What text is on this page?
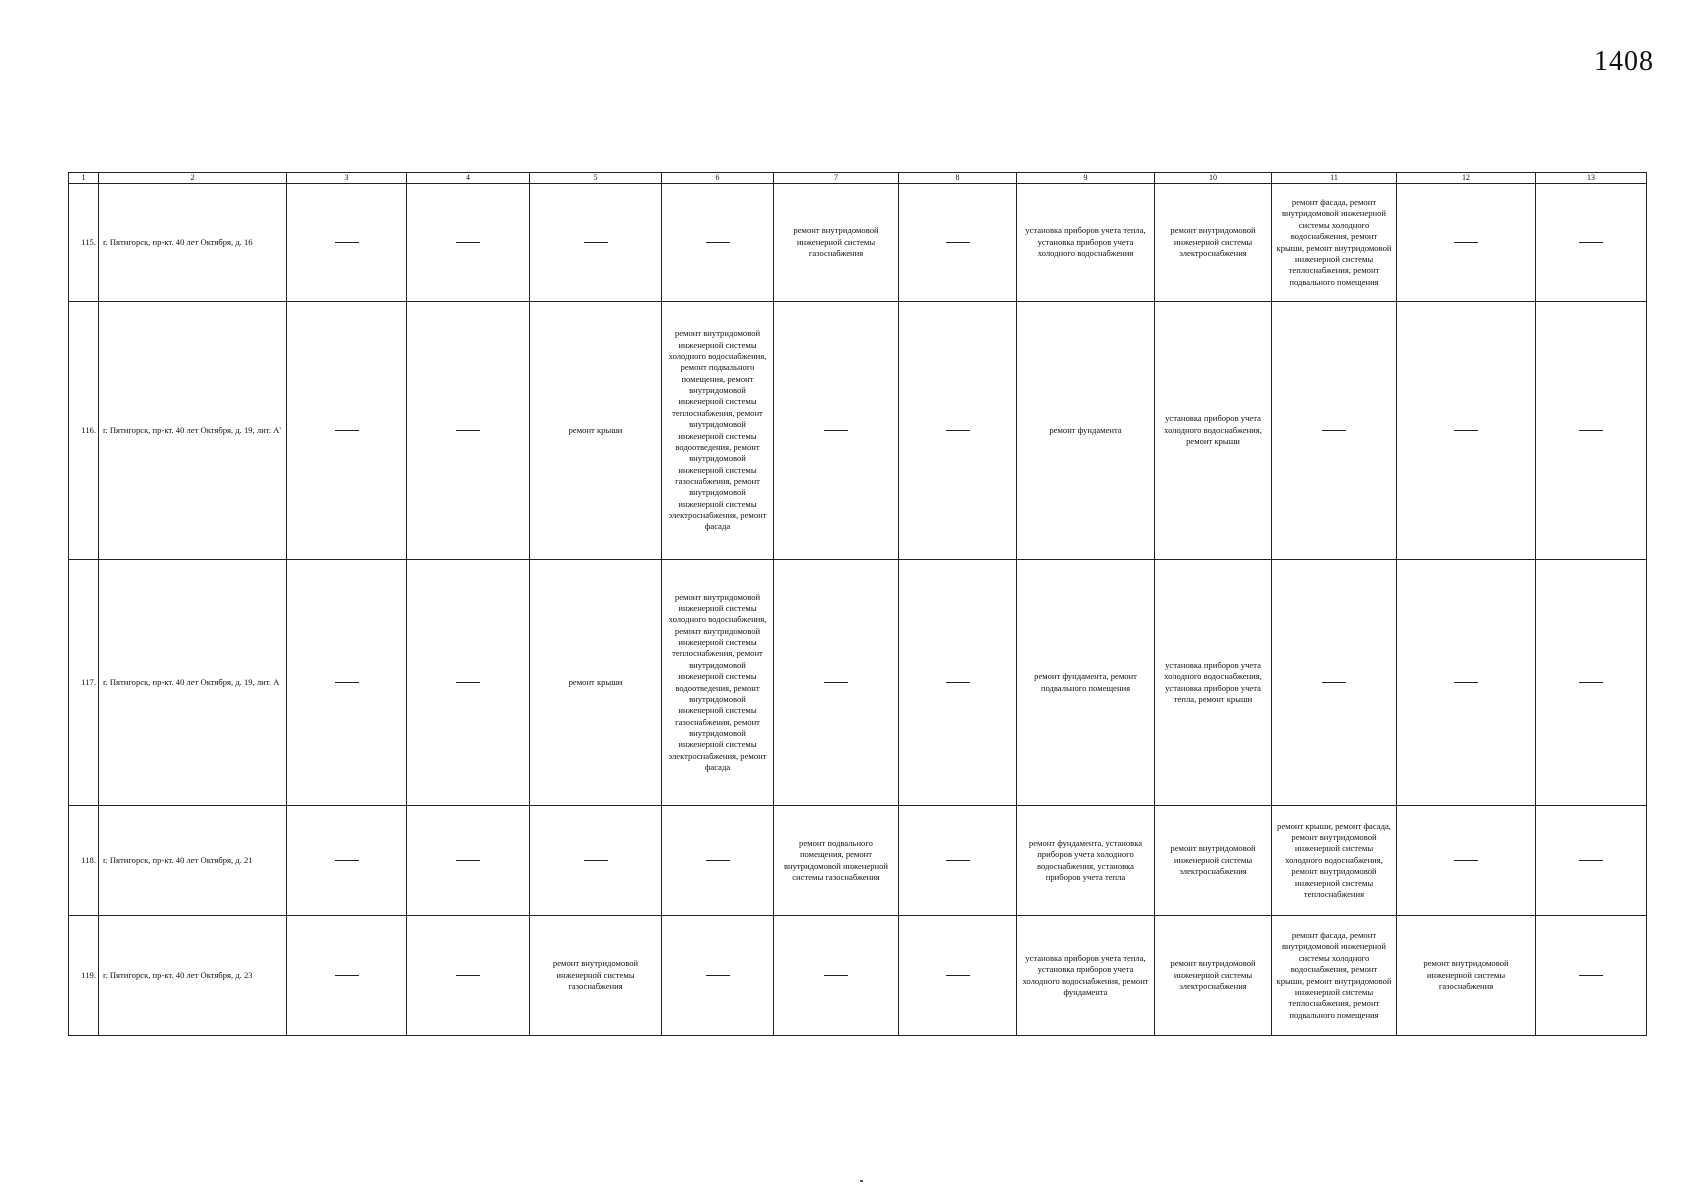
1408
1	2	3	4	5	6	7	8	9	10	11	12	13
115.	г. Пятигорск, пр-кт. 40 лет Октября, д. 16					ремонт внутридомовой инженерной системы газоснабжения		установка приборов учета тепла, установка приборов учета холодного водоснабжения	ремонт внутридомовой инженерной системы электроснабжения	ремонт фасада, ремонт внутридомовой инженерной системы холодного водоснабжения, ремонт крыши, ремонт внутридомовой инженерной системы теплоснабжения, ремонт подвального помещения		
116.	г. Пятигорск, пр-кт. 40 лет Октября, д. 19, лит. А'			ремонт крыши	ремонт внутридомовой инженерной системы холодного водоснабжения, ремонт подвального помещения, ремонт внутридомовой инженерной системы теплоснабжения, ремонт внутридомовой инженерной системы водоотведения, ремонт внутридомовой инженерной системы газоснабжения, ремонт внутридомовой инженерной системы электроснабжения, ремонт фасада			ремонт фундамента	установка приборов учета холодного водоснабжения, ремонт крыши			
117.	г. Пятигорск, пр-кт. 40 лет Октября, д. 19, лит. А			ремонт крыши	ремонт внутридомовой инженерной системы холодного водоснабжения, ремонт внутридомовой инженерной системы теплоснабжения, ремонт внутридомовой инженерной системы водоотведения, ремонт внутридомовой инженерной системы газоснабжения, ремонт внутридомовой инженерной системы электроснабжения, ремонт фасада			ремонт фундамента, ремонт подвального помещения	установка приборов учета холодного водоснабжения, установка приборов учета тепла, ремонт крыши			
118.	г. Пятигорск, пр-кт. 40 лет Октября, д. 21					ремонт подвального помещения, ремонт внутридомовой инженерной системы газоснабжения		ремонт фундамента, установка приборов учета холодного водоснабжения, установка приборов учета тепла	ремонт внутридомовой инженерной системы электроснабжения	ремонт крыши, ремонт фасада, ремонт внутридомовой инженерной системы холодного водоснабжения, ремонт внутридомовой инженерной системы теплоснабжения		
119.	г. Пятигорск, пр-кт. 40 лет Октября, д. 23			ремонт внутридомовой инженерной системы газоснабжения				установка приборов учета тепла, установка приборов учета холодного водоснабжения, ремонт фундамента	ремонт внутридомовой инженерной системы электроснабжения	ремонт фасада, ремонт внутридомовой инженерной системы холодного водоснабжения, ремонт крыши, ремонт внутридомовой инженерной системы теплоснабжения, ремонт подвального помещения	ремонт внутридомовой инженерной системы газоснабжения	
